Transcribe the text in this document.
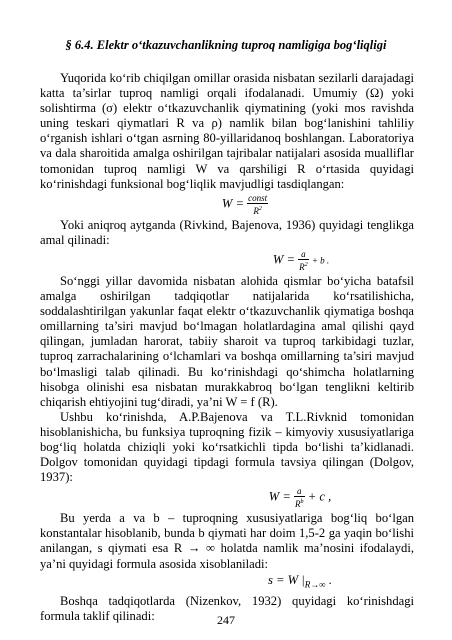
§ 6.4. Elektr o‘tkazuvchanlikning tuproq namligiga bog‘liqligi

Yuqorida ko‘rib chiqilgan omillar orasida nisbatan sezilarli darajadagi katta ta’sirlar tuproq namligi orqali ifodalanadi. Umumiy (Ω) yoki solishtirma (σ) elektr o‘tkazuvchanlik qiymatining (yoki mos ravishda uning teskari qiymatlari R va ρ) namlik bilan bog‘lanishini tahliliy o‘rganish ishlari o‘tgan asrning 80-yillaridanoq boshlangan. Laboratoriya va dala sharoitida amalga oshirilgan tajribalar natijalari asosida mualliflar tomonidan tuproq namligi W va qarshiligi R o‘rtasida quyidagi ko‘rinishdagi funksional bog‘liqlik mavjudligi tasdiqlangan:

$W = \frac{\text{const}}{R^2}$

Yoki aniqroq aytganda (Rivkind, Bajenova, 1936) quyidagi tenglikga amal qilinadi:

$W = \frac{a}{R^2} + b$ .

So‘nggi yillar davomida nisbatan alohida qismlar bo‘yicha batafsil amalga oshirilgan tadqiqotlar natijalarida ko‘rsatilishicha, soddalashtirilgan yakunlar faqat elektr o‘tkazuvchanlik qiymatiga boshqa omillarning ta’siri mavjud bo‘lmagan holatlardagina amal qilishi qayd qilingan, jumladan harorat, tabiiy sharoit va tuproq tarkibidagi tuzlar, tuproq zarrachalarining o‘lchamlari va boshqa omillarning ta’siri mavjud bo‘lmasligi talab qilinadi. Bu ko‘rinishdagi qo‘shimcha holatlarning hisobga olinishi esa nisbatan murakkabroq bo‘lgan tenglikni keltirib chiqarish ehtiyojini tug‘diradi, ya’ni W = f (R).

Ushbu ko‘rinishda, A.P.Bajenova va T.L.Rivknid tomonidan hisoblanishicha, bu funksiya tuproqning fizik – kimyoviy xususiyatlariga bog‘liq holatda chiziqli yoki ko‘rsatkichli tipda bo‘lishi ta’kidlanadi. Dolgov tomonidan quyidagi tipdagi formula tavsiya qilingan (Dolgov, 1937):

$W = \frac{a}{R^b} + c$ ,

Bu yerda a va b – tuproqning xususiyatlariga bog‘liq bo‘lgan konstantalar hisoblanib, bunda b qiymati har doim 1,5-2 ga yaqin bo‘lishi anilangan, s qiymati esa R → ∞ holatda namlik ma’nosini ifodalaydi, ya’ni quyidagi formula asosida xisoblaniladi:

s = W $|_{R\to\infty}$ .

Boshqa tadqiqotlarda (Nizenkov, 1932) quyidagi ko‘rinishdagi formula taklif qilinadi:	247
